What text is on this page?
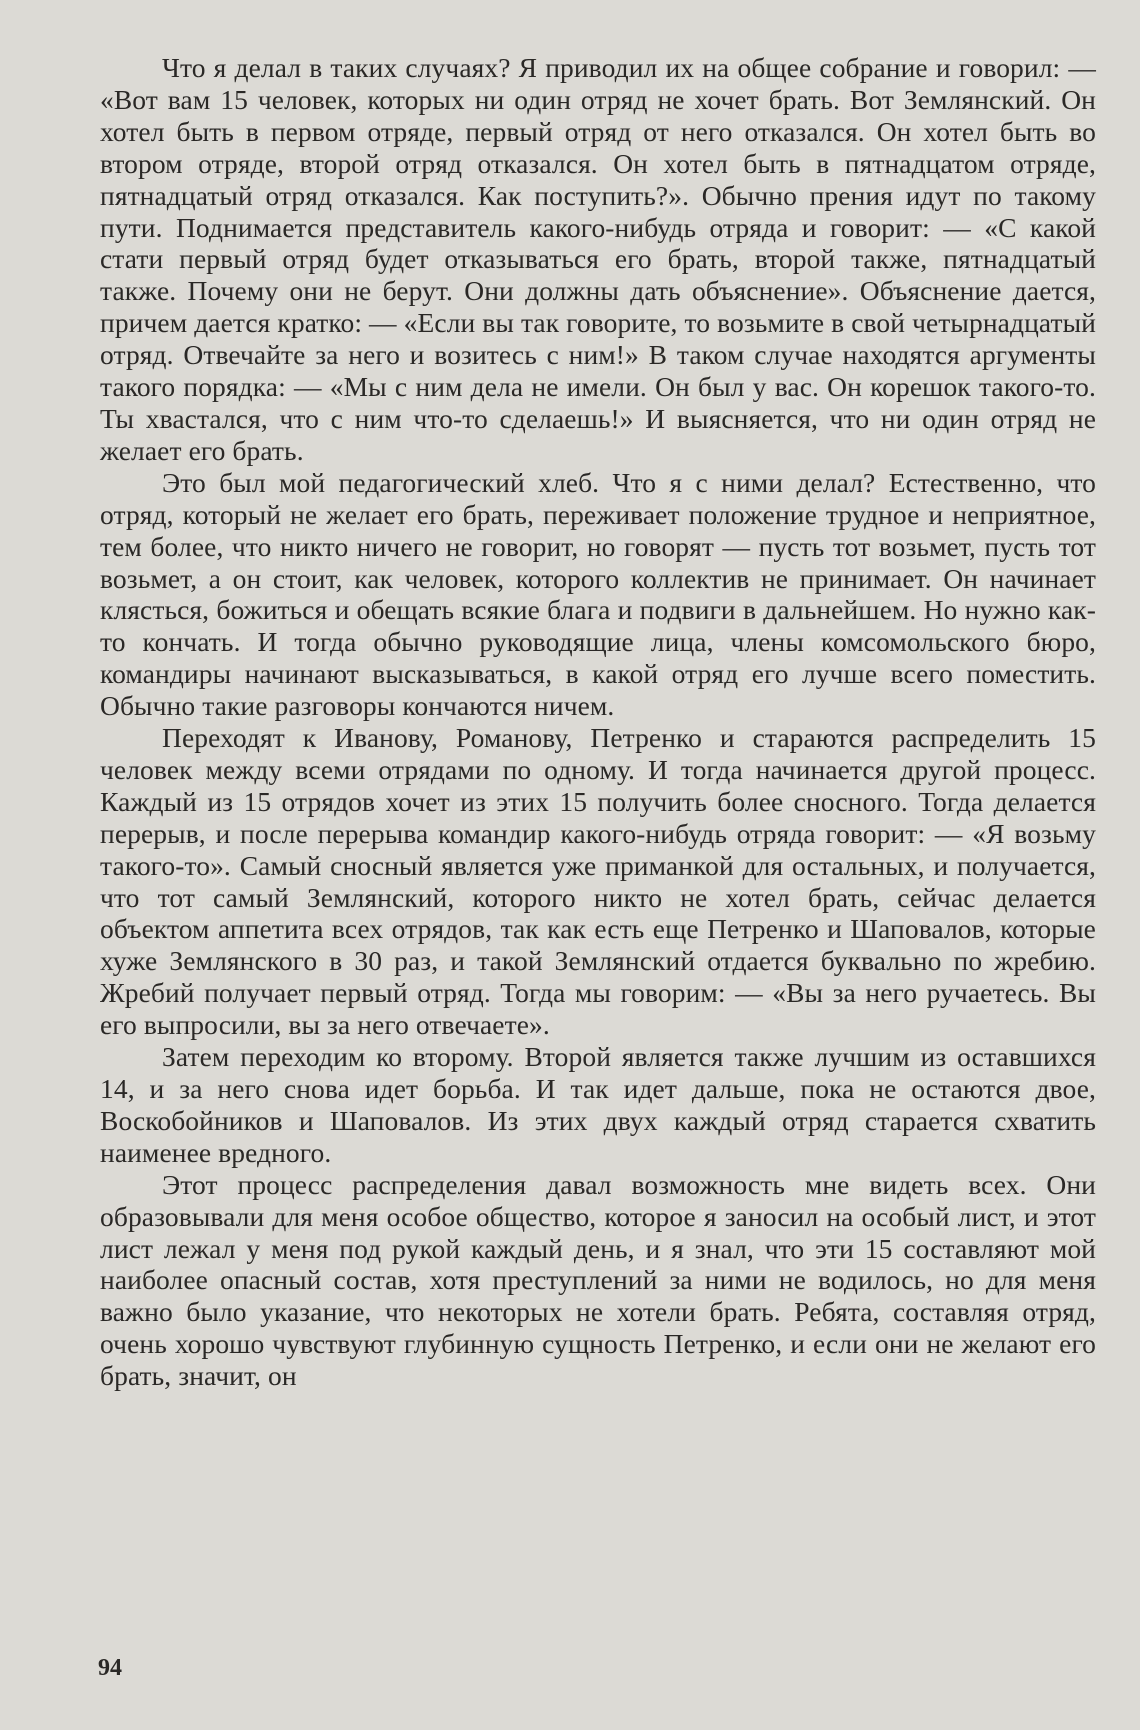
Что я делал в таких случаях? Я приводил их на общее собрание и говорил: — «Вот вам 15 человек, которых ни один отряд не хочет брать. Вот Землянский. Он хотел быть в первом отряде, первый отряд от него отказался. Он хотел быть во втором отряде, второй отряд отказался. Он хотел быть в пятнадцатом отряде, пятнадцатый отряд отказался. Как поступить?». Обычно прения идут по такому пути. Поднимается представитель какого-нибудь отряда и говорит: — «С какой стати первый отряд будет отказываться его брать, второй также, пятнадцатый также. Почему они не берут. Они должны дать объяснение». Объяснение дается, причем дается кратко: — «Если вы так говорите, то возьмите в свой четырнадцатый отряд. Отвечайте за него и возитесь с ним!» В таком случае находятся аргументы такого порядка: — «Мы с ним дела не имели. Он был у вас. Он корешок такого-то. Ты хвастался, что с ним что-то сделаешь!» И выясняется, что ни один отряд не желает его брать.

Это был мой педагогический хлеб. Что я с ними делал? Естественно, что отряд, который не желает его брать, переживает положение трудное и неприятное, тем более, что никто ничего не говорит, но говорят — пусть тот возьмет, пусть тот возьмет, а он стоит, как человек, которого коллектив не принимает. Он начинает клясться, божиться и обещать всякие блага и подвиги в дальнейшем. Но нужно как-то кончать. И тогда обычно руководящие лица, члены комсомольского бюро, командиры начинают высказываться, в какой отряд его лучше всего поместить. Обычно такие разговоры кончаются ничем.

Переходят к Иванову, Романову, Петренко и стараются распределить 15 человек между всеми отрядами по одному. И тогда начинается другой процесс. Каждый из 15 отрядов хочет из этих 15 получить более сносного. Тогда делается перерыв, и после перерыва командир какого-нибудь отряда говорит: — «Я возьму такого-то». Самый сносный является уже приманкой для остальных, и получается, что тот самый Землянский, которого никто не хотел брать, сейчас делается объектом аппетита всех отрядов, так как есть еще Петренко и Шаповалов, которые хуже Землянского в 30 раз, и такой Землянский отдается буквально по жребию. Жребий получает первый отряд. Тогда мы говорим: — «Вы за него ручаетесь. Вы его выпросили, вы за него отвечаете».

Затем переходим ко второму. Второй является также лучшим из оставшихся 14, и за него снова идет борьба. И так идет дальше, пока не остаются двое, Воскобойников и Шаповалов. Из этих двух каждый отряд старается схватить наименее вредного.

Этот процесс распределения давал возможность мне видеть всех. Они образовывали для меня особое общество, которое я заносил на особый лист, и этот лист лежал у меня под рукой каждый день, и я знал, что эти 15 составляют мой наиболее опасный состав, хотя преступлений за ними не водилось, но для меня важно было указание, что некоторых не хотели брать. Ребята, составляя отряд, очень хорошо чувствуют глубинную сущность Петренко, и если они не желают его брать, значит, он

94
